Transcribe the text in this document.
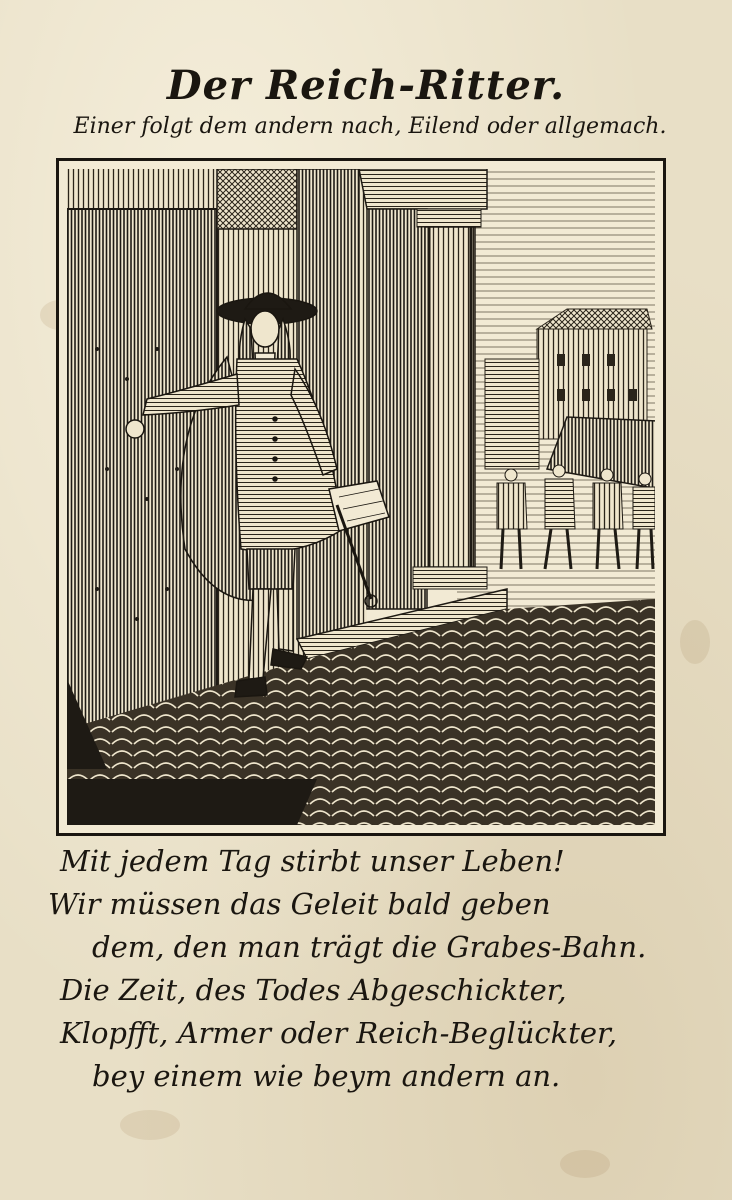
Der Reich-Ritter.
Einer folgt dem andern nach, Eilend oder allgemach.
Mit jedem Tag stirbt unser Leben!
Wir müssen das Geleit bald geben
dem, den man trägt die Grabes-Bahn.
Die Zeit, des Todes Abgeschickter,
Klopfft, Armer oder Reich-Beglückter,
bey einem wie beym andern an.
